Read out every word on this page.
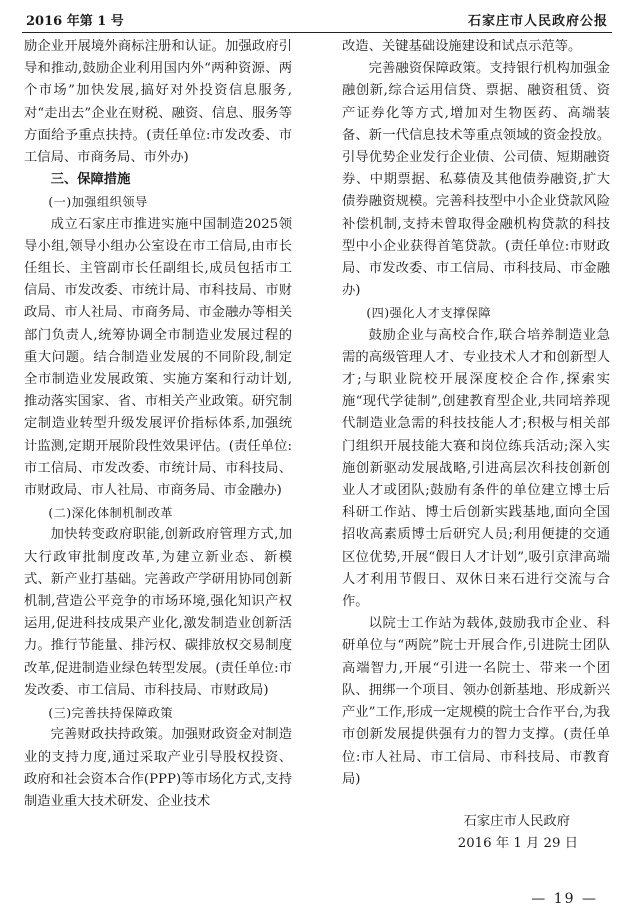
2016 年第 1 号	石家庄市人民政府公报

励企业开展境外商标注册和认证。加强政府引导和推动,鼓励企业利用国内外“两种资源、两个市场”加快发展,搞好对外投资信息服务,对“走出去”企业在财税、融资、信息、服务等方面给予重点扶持。(责任单位:市发改委、市工信局、市商务局、市外办)

三、保障措施

(一)加强组织领导

成立石家庄市推进实施中国制造2025领导小组,领导小组办公室设在市工信局,由市长任组长、主管副市长任副组长,成员包括市工信局、市发改委、市统计局、市科技局、市财政局、市人社局、市商务局、市金融办等相关部门负责人,统筹协调全市制造业发展过程的重大问题。结合制造业发展的不同阶段,制定全市制造业发展政策、实施方案和行动计划,推动落实国家、省、市相关产业政策。研究制定制造业转型升级发展评价指标体系,加强统计监测,定期开展阶段性效果评估。(责任单位:市工信局、市发改委、市统计局、市科技局、市财政局、市人社局、市商务局、市金融办)

(二)深化体制机制改革

加快转变政府职能,创新政府管理方式,加大行政审批制度改革,为建立新业态、新模式、新产业打基础。完善政产学研用协同创新机制,营造公平竞争的市场环境,强化知识产权运用,促进科技成果产业化,激发制造业创新活力。推行节能量、排污权、碳排放权交易制度改革,促进制造业绿色转型发展。(责任单位:市发改委、市工信局、市科技局、市财政局)

(三)完善扶持保障政策

完善财政扶持政策。加强财政资金对制造业的支持力度,通过采取产业引导股权投资、政府和社会资本合作(PPP)等市场化方式,支持制造业重大技术研发、企业技术

改造、关键基础设施建设和试点示范等。

完善融资保障政策。支持银行机构加强金融创新,综合运用信贷、票据、融资租赁、资产证券化等方式,增加对生物医药、高端装备、新一代信息技术等重点领域的资金投放。引导优势企业发行企业债、公司债、短期融资券、中期票据、私募债及其他债券融资,扩大债券融资规模。完善科技型中小企业贷款风险补偿机制,支持未曾取得金融机构贷款的科技型中小企业获得首笔贷款。(责任单位:市财政局、市发改委、市工信局、市科技局、市金融办)

(四)强化人才支撑保障

鼓励企业与高校合作,联合培养制造业急需的高级管理人才、专业技术人才和创新型人才;与职业院校开展深度校企合作,探索实施“现代学徒制”,创建教育型企业,共同培养现代制造业急需的科技技能人才;积极与相关部门组织开展技能大赛和岗位练兵活动;深入实施创新驱动发展战略,引进高层次科技创新创业人才或团队;鼓励有条件的单位建立博士后科研工作站、博士后创新实践基地,面向全国招收高素质博士后研究人员;利用便捷的交通区位优势,开展“假日人才计划”,吸引京津高端人才利用节假日、双休日来石进行交流与合作。

以院士工作站为载体,鼓励我市企业、科研单位与“两院”院士开展合作,引进院士团队高端智力,开展“引进一名院士、带来一个团队、拥绑一个项目、领办创新基地、形成新兴产业”工作,形成一定规模的院士合作平台,为我市创新发展提供强有力的智力支撑。(责任单位:市人社局、市工信局、市科技局、市教育局)

石家庄市人民政府
2016 年 1 月 29 日
— 19 —
